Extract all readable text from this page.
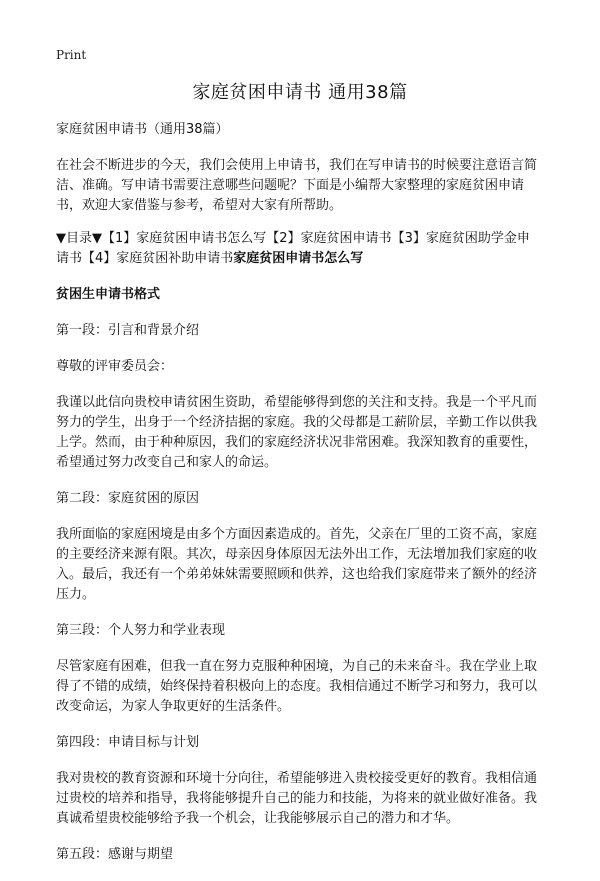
Print
家庭贫困申请书 通用38篇

家庭贫困申请书（通用38篇）

在社会不断进步的今天，我们会使用上申请书，我们在写申请书的时候要注意语言简洁、准确。写申请书需要注意哪些问题呢？下面是小编帮大家整理的家庭贫困申请书，欢迎大家借鉴与参考，希望对大家有所帮助。

▼目录▼【1】家庭贫困申请书怎么写【2】家庭贫困申请书【3】家庭贫困助学金申请书【4】家庭贫困补助申请书家庭贫困申请书怎么写

贫困生申请书格式

第一段：引言和背景介绍

尊敬的评审委员会：

我谨以此信向贵校申请贫困生资助，希望能够得到您的关注和支持。我是一个平凡而努力的学生，出身于一个经济拮据的家庭。我的父母都是工薪阶层，辛勤工作以供我上学。然而，由于种种原因，我们的家庭经济状况非常困难。我深知教育的重要性，希望通过努力改变自己和家人的命运。

第二段：家庭贫困的原因

我所面临的家庭困境是由多个方面因素造成的。首先，父亲在厂里的工资不高，家庭的主要经济来源有限。其次，母亲因身体原因无法外出工作，无法增加我们家庭的收入。最后，我还有一个弟弟妹妹需要照顾和供养，这也给我们家庭带来了额外的经济压力。

第三段：个人努力和学业表现

尽管家庭有困难，但我一直在努力克服种种困境，为自己的未来奋斗。我在学业上取得了不错的成绩，始终保持着积极向上的态度。我相信通过不断学习和努力，我可以改变命运，为家人争取更好的生活条件。

第四段：申请目标与计划

我对贵校的教育资源和环境十分向往，希望能够进入贵校接受更好的教育。我相信通过贵校的培养和指导，我将能够提升自己的能力和技能，为将来的就业做好准备。我真诚希望贵校能够给予我一个机会，让我能够展示自己的潜力和才华。

第五段：感谢与期望
